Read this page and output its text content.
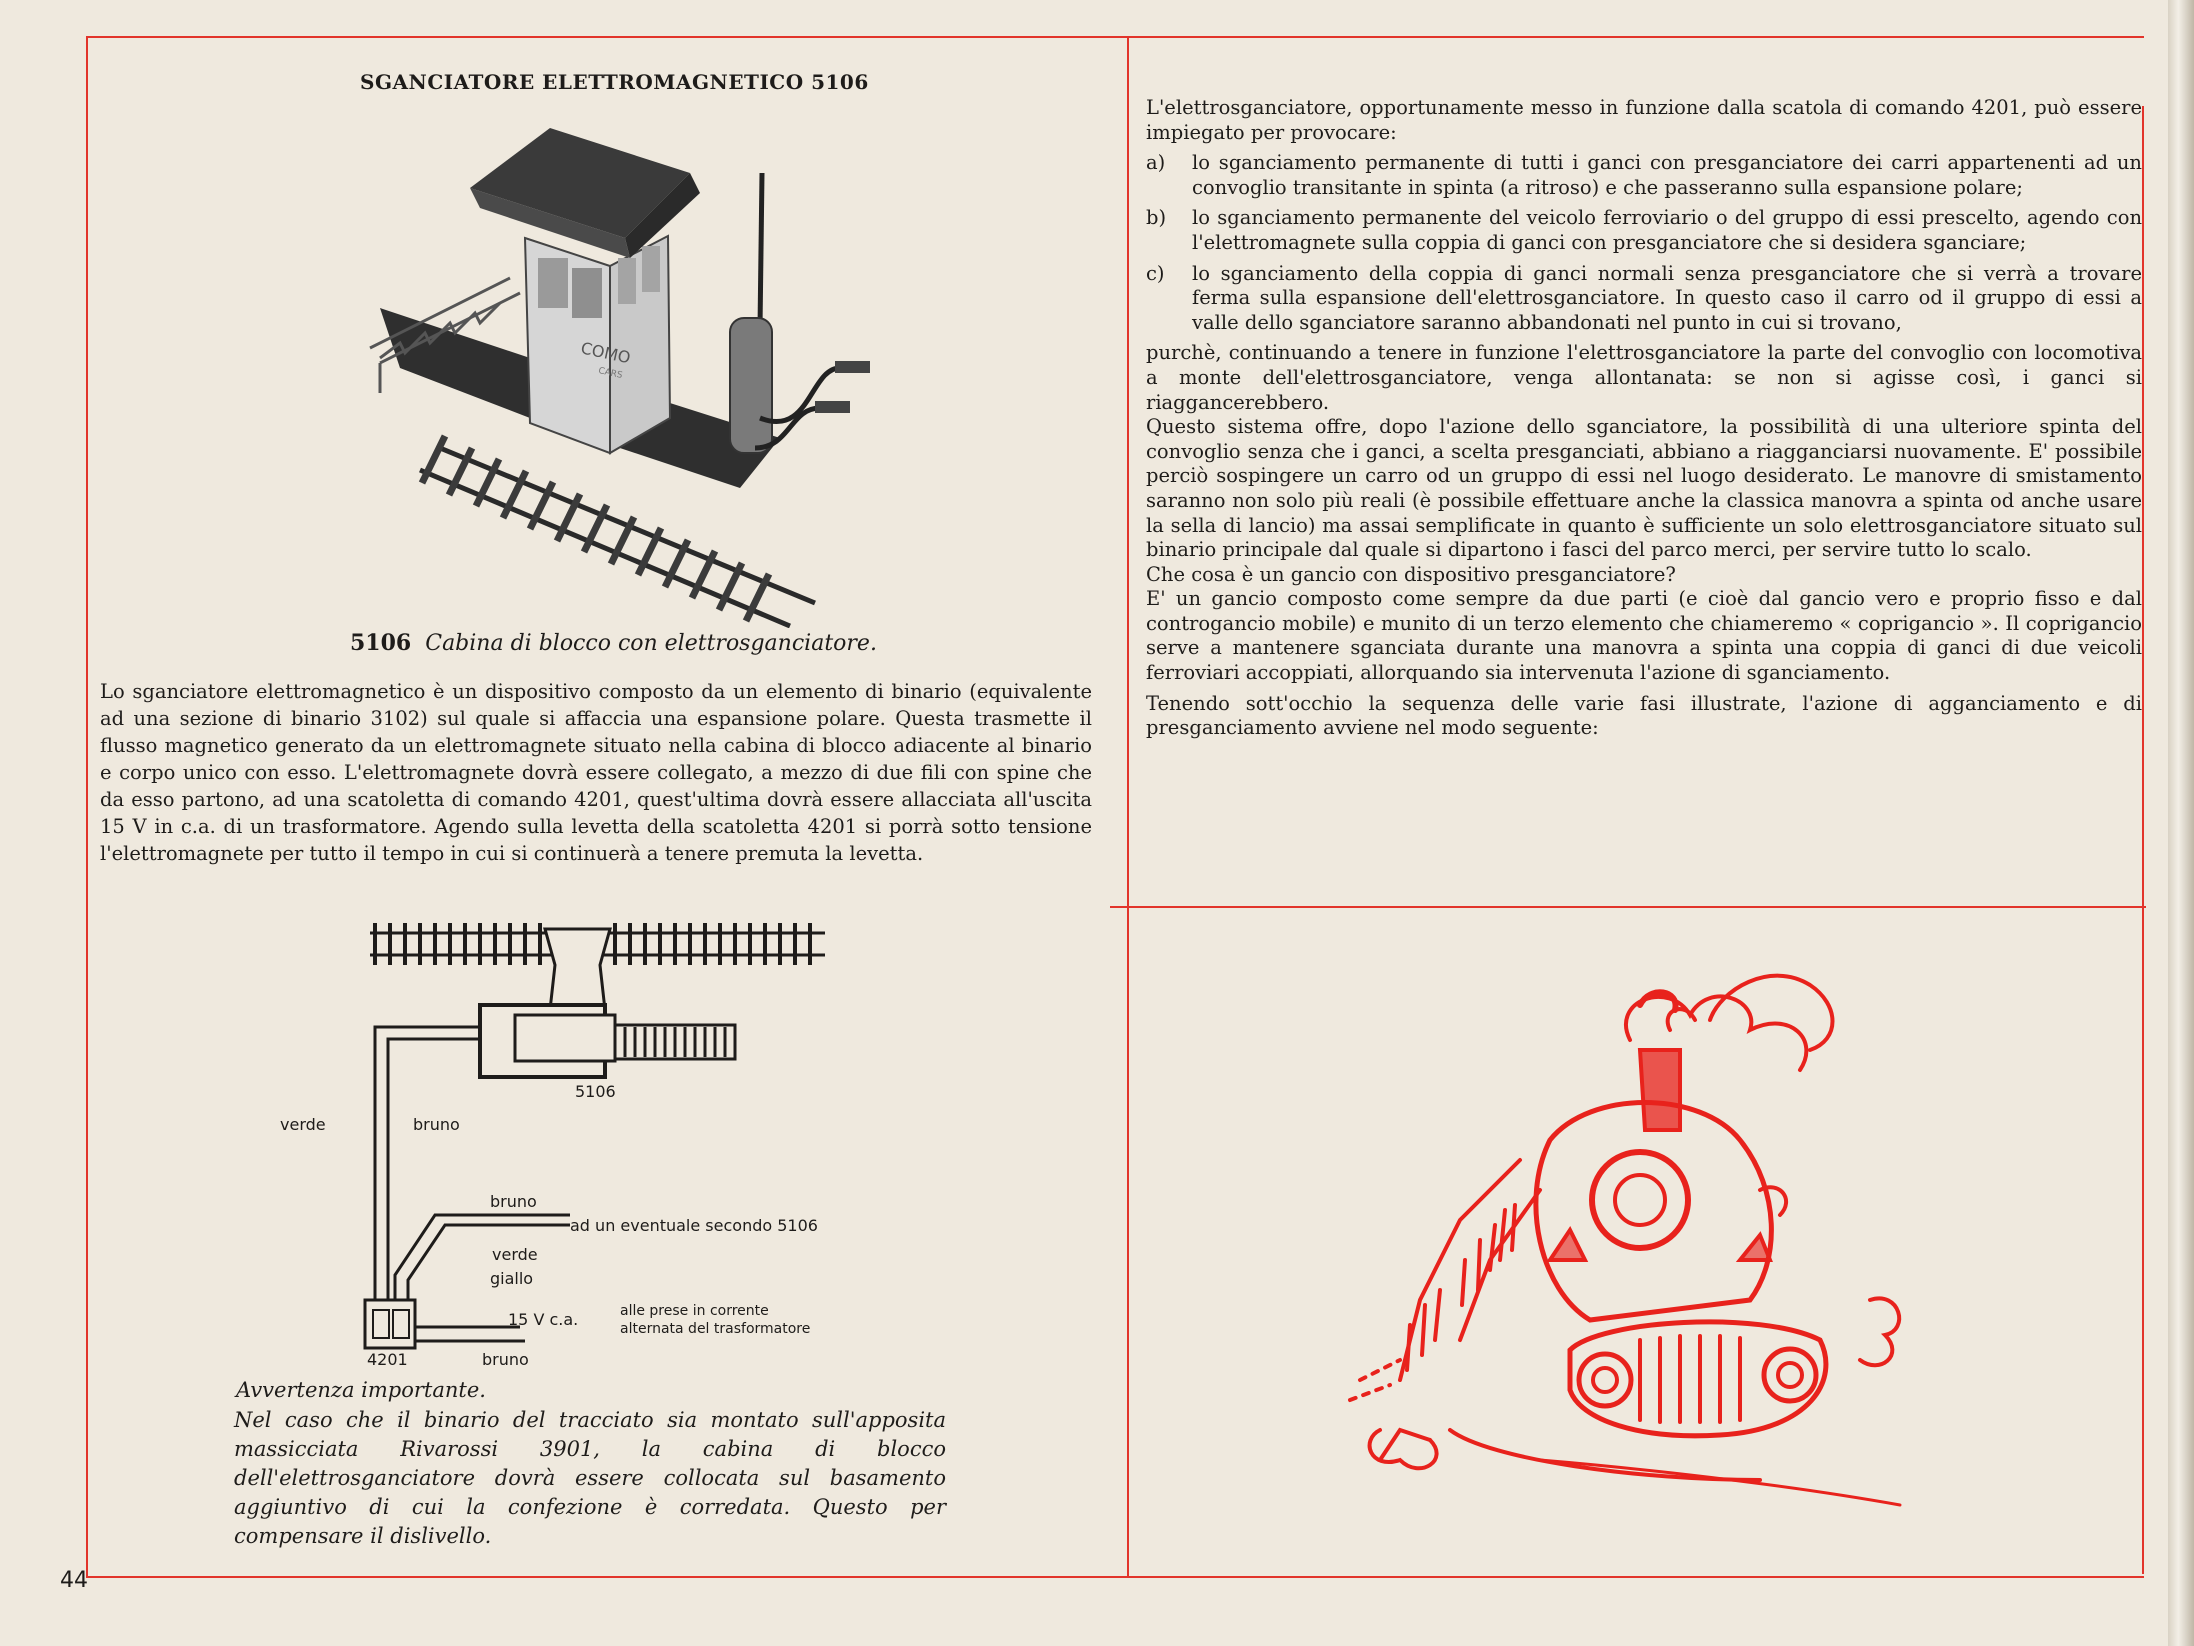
SGANCIATORE ELETTROMAGNETICO 5106
COMO
CARS
5106 Cabina di blocco con elettrosganciatore.
Lo sganciatore elettromagnetico è un dispositivo composto da un elemento di binario (equivalente ad una sezione di binario 3102) sul quale si affaccia una espansione polare. Questa trasmette il flusso magnetico generato da un elettromagnete situato nella cabina di blocco adiacente al binario e corpo unico con esso. L'elettromagnete dovrà essere collegato, a mezzo di due fili con spine che da esso partono, ad una scatoletta di comando 4201, quest'ultima dovrà essere allacciata all'uscita 15 V in c.a. di un trasformatore. Agendo sulla levetta della scatoletta 4201 si porrà sotto tensione l'elettromagnete per tutto il tempo in cui si continuerà a tenere premuta la levetta.
5106
verde	bruno
bruno
ad un eventuale secondo 5106
verde
giallo
15 V c.a.	alle prese in corrente
alternata del trasformatore
4201	bruno
Avvertenza importante.
Nel caso che il binario del tracciato sia montato sull'apposita massicciata Rivarossi 3901, la cabina di blocco dell'elettrosganciatore dovrà essere collocata sul basamento aggiuntivo di cui la confezione è corredata. Questo per compensare il dislivello.
44

L'elettrosganciatore, opportunamente messo in funzione dalla scatola di comando 4201, può essere impiegato per provocare:

a)	lo sganciamento permanente di tutti i ganci con presganciatore dei carri appartenenti ad un convoglio transitante in spinta (a ritroso) e che passeranno sulla espansione polare;
b)	lo sganciamento permanente del veicolo ferroviario o del gruppo di essi prescelto, agendo con l'elettromagnete sulla coppia di ganci con presganciatore che si desidera sganciare;
c)	lo sganciamento della coppia di ganci normali senza presganciatore che si verrà a trovare ferma sulla espansione dell'elettrosganciatore. In questo caso il carro od il gruppo di essi a valle dello sganciatore saranno abbandonati nel punto in cui si trovano,

purchè, continuando a tenere in funzione l'elettrosganciatore la parte del convoglio con locomotiva a monte dell'elettrosganciatore, venga allontanata: se non si agisse così, i ganci si riaggancerebbero.

Questo sistema offre, dopo l'azione dello sganciatore, la possibilità di una ulteriore spinta del convoglio senza che i ganci, a scelta presganciati, abbiano a riagganciarsi nuovamente. E' possibile perciò sospingere un carro od un gruppo di essi nel luogo desiderato. Le manovre di smistamento saranno non solo più reali (è possibile effettuare anche la classica manovra a spinta od anche usare la sella di lancio) ma assai semplificate in quanto è sufficiente un solo elettrosganciatore situato sul binario principale dal quale si dipartono i fasci del parco merci, per servire tutto lo scalo.

Che cosa è un gancio con dispositivo presganciatore?

E' un gancio composto come sempre da due parti (e cioè dal gancio vero e proprio fisso e dal controgancio mobile) e munito di un terzo elemento che chiameremo « coprigancio ». Il coprigancio serve a mantenere sganciata durante una manovra a spinta una coppia di ganci di due veicoli ferroviari accoppiati, allorquando sia intervenuta l'azione di sganciamento.

Tenendo sott'occhio la sequenza delle varie fasi illustrate, l'azione di agganciamento e di presganciamento avviene nel modo seguente:
